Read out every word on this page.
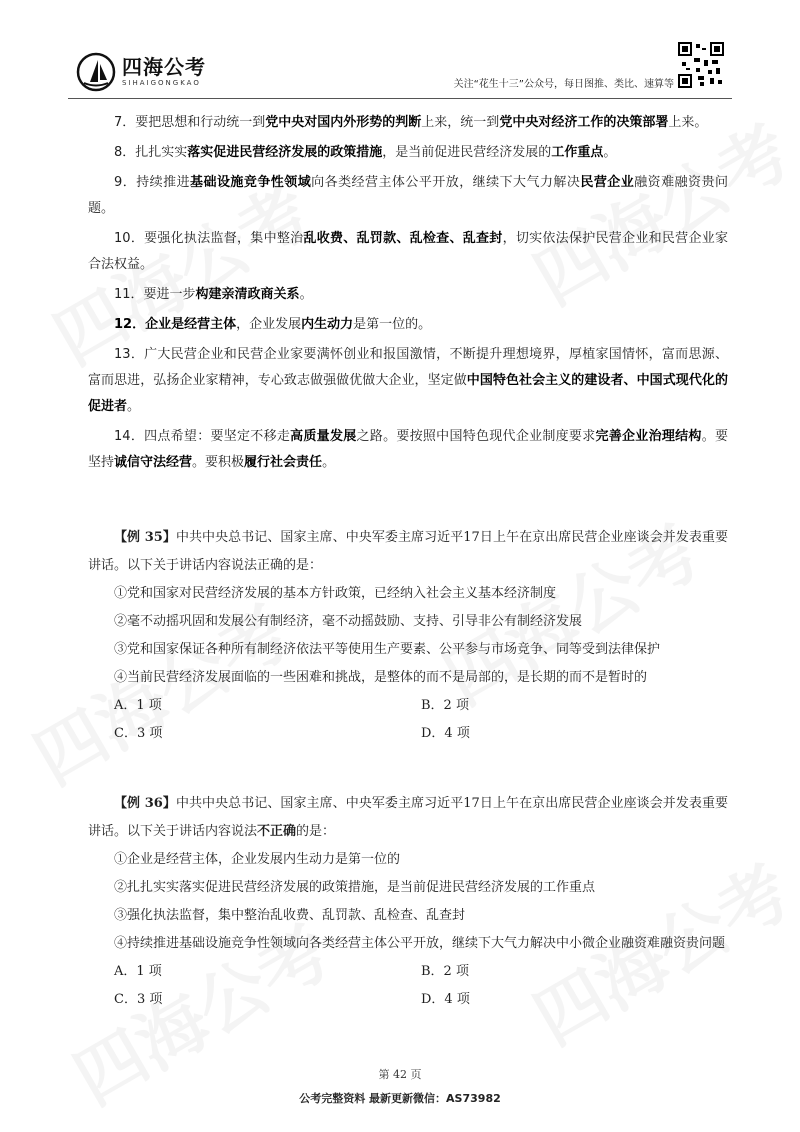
四海公考
SIHAIGONGKAO	关注“花生十三”公众号，每日图推、类比、速算等

7．要把思想和行动统一到党中央对国内外形势的判断上来，统一到党中央对经济工作的决策部署上来。

8．扎扎实实落实促进民营经济发展的政策措施，是当前促进民营经济发展的工作重点。

9．持续推进基础设施竞争性领域向各类经营主体公平开放，继续下大气力解决民营企业融资难融资贵问题。

10．要强化执法监督，集中整治乱收费、乱罚款、乱检查、乱查封，切实依法保护民营企业和民营企业家合法权益。

11．要进一步构建亲清政商关系。

12．企业是经营主体，企业发展内生动力是第一位的。

13．广大民营企业和民营企业家要满怀创业和报国激情，不断提升理想境界，厚植家国情怀，富而思源、富而思进，弘扬企业家精神，专心致志做强做优做大企业，坚定做中国特色社会主义的建设者、中国式现代化的促进者。

14．四点希望：要坚定不移走高质量发展之路。要按照中国特色现代企业制度要求完善企业治理结构。要坚持诚信守法经营。要积极履行社会责任。

【例 35】中共中央总书记、国家主席、中央军委主席习近平17日上午在京出席民营企业座谈会并发表重要讲话。以下关于讲话内容说法正确的是：

①党和国家对民营经济发展的基本方针政策，已经纳入社会主义基本经济制度

②毫不动摇巩固和发展公有制经济，毫不动摇鼓励、支持、引导非公有制经济发展

③党和国家保证各种所有制经济依法平等使用生产要素、公平参与市场竞争、同等受到法律保护

④当前民营经济发展面临的一些困难和挑战，是整体的而不是局部的，是长期的而不是暂时的

A．1 项	B．2 项

C．3 项	D．4 项

【例 36】中共中央总书记、国家主席、中央军委主席习近平17日上午在京出席民营企业座谈会并发表重要讲话。以下关于讲话内容说法不正确的是：

①企业是经营主体，企业发展内生动力是第一位的

②扎扎实实落实促进民营经济发展的政策措施，是当前促进民营经济发展的工作重点

③强化执法监督，集中整治乱收费、乱罚款、乱检查、乱查封

④持续推进基础设施竞争性领域向各类经营主体公平开放，继续下大气力解决中小微企业融资难融资贵问题

A．1 项	B．2 项

C．3 项	D．4 项

第 42 页
公考完整资料 最新更新微信：AS73982
